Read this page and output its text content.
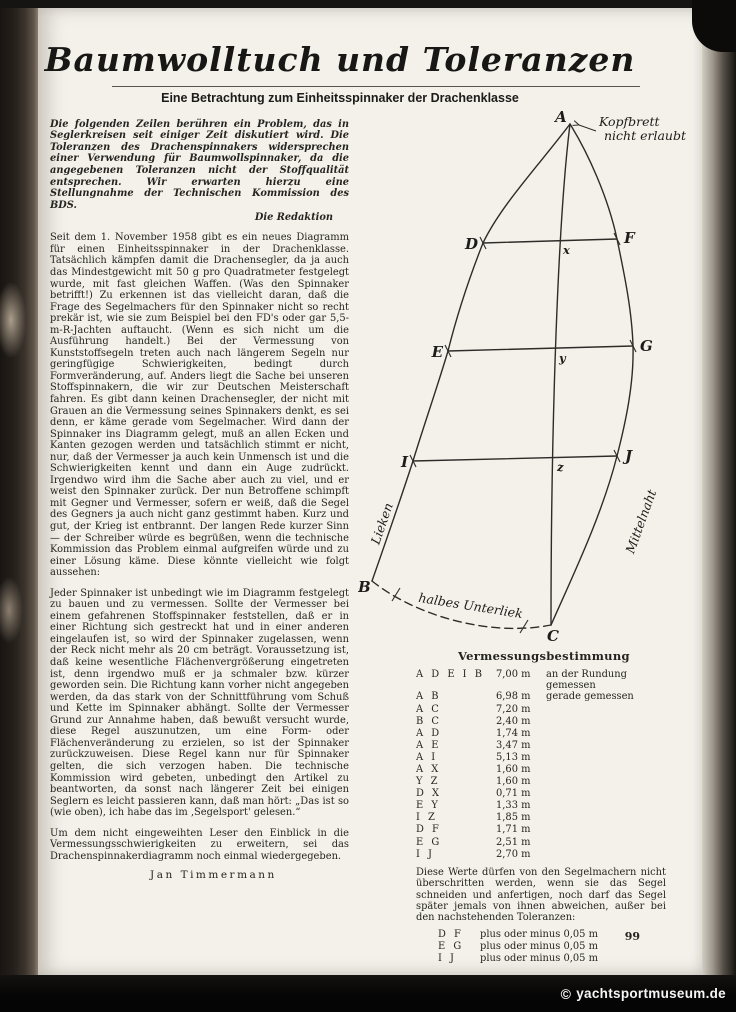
Baumwolltuch und Toleranzen
Eine Betrachtung zum Einheitsspinnaker der Drachenklasse
Die folgenden Zeilen berühren ein Problem, das in Seglerkreisen seit einiger Zeit diskutiert wird. Die Toleranzen des Drachenspinnakers widersprechen einer Verwendung für Baumwollspinnaker, da die angegebenen Toleranzen nicht der Stoffqualität entsprechen. Wir erwarten hierzu eine Stellungnahme der Technischen Kommission des BDS.
Die Redaktion
Seit dem 1. November 1958 gibt es ein neues Diagramm für einen Einheitsspinnaker in der Drachenklasse. Tatsächlich kämpfen damit die Drachensegler, da ja auch das Mindestgewicht mit 50 g pro Quadratmeter festgelegt wurde, mit fast gleichen Waffen. (Was den Spinnaker betrifft!) Zu erkennen ist das vielleicht daran, daß die Frage des Segelmachers für den Spinnaker nicht so recht prekär ist, wie sie zum Beispiel bei den FD's oder gar 5,5-m-R-Jachten auftaucht. (Wenn es sich nicht um die Ausführung handelt.) Bei der Vermessung von Kunststoffsegeln treten auch nach längerem Segeln nur geringfügige Schwierigkeiten, bedingt durch Formveränderung, auf. Anders liegt die Sache bei unseren Stoffspinnakern, die wir zur Deutschen Meisterschaft fahren. Es gibt dann keinen Drachensegler, der nicht mit Grauen an die Vermessung seines Spinnakers denkt, es sei denn, er käme gerade vom Segelmacher. Wird dann der Spinnaker ins Diagramm gelegt, muß an allen Ecken und Kanten gezogen werden und tatsächlich stimmt er nicht, nur, daß der Vermesser ja auch kein Unmensch ist und die Schwierigkeiten kennt und dann ein Auge zudrückt. Irgendwo wird ihm die Sache aber auch zu viel, und er weist den Spinnaker zurück. Der nun Betroffene schimpft mit Gegner und Vermesser, sofern er weiß, daß die Segel des Gegners ja auch nicht ganz gestimmt haben. Kurz und gut, der Krieg ist entbrannt. Der langen Rede kurzer Sinn — der Schreiber würde es begrüßen, wenn die technische Kommission das Problem einmal aufgreifen würde und zu einer Lösung käme. Diese könnte vielleicht wie folgt aussehen:
Jeder Spinnaker ist unbedingt wie im Diagramm festgelegt zu bauen und zu vermessen. Sollte der Vermesser bei einem gefahrenen Stoffspinnaker feststellen, daß er in einer Richtung sich gestreckt hat und in einer anderen eingelaufen ist, so wird der Spinnaker zugelassen, wenn der Reck nicht mehr als 20 cm beträgt. Voraussetzung ist, daß keine wesentliche Flächenvergrößerung eingetreten ist, denn irgendwo muß er ja schmaler bzw. kürzer geworden sein. Die Richtung kann vorher nicht angegeben werden, da das stark von der Schnittführung vom Schuß und Kette im Spinnaker abhängt. Sollte der Vermesser Grund zur Annahme haben, daß bewußt versucht wurde, diese Regel auszunutzen, um eine Form- oder Flächenveränderung zu erzielen, so ist der Spinnaker zurückzuweisen. Diese Regel kann nur für Spinnaker gelten, die sich verzogen haben. Die technische Kommission wird gebeten, unbedingt den Artikel zu beantworten, da sonst nach längerer Zeit bei einigen Seglern es leicht passieren kann, daß man hört: „Das ist so (wie oben), ich habe das im ‚Segelsport' gelesen.“
Um dem nicht eingeweihten Leser den Einblick in die Vermessungsschwierigkeiten zu erweitern, sei das Drachenspinnakerdiagramm noch einmal wiedergegeben.
Jan Timmermann
A
D
E
I
B
C
F
G
J
x
y
z
Kopfbrett
nicht erlaubt
Lieken	Mittelnaht
halbes Unterliek
Vermessungsbestimmung
A D E I B	7,00 m	an der Rundung gemessen
A B	6,98 m	gerade gemessen
A C	7,20 m
B C	2,40 m
A D	1,74 m
A E	3,47 m
A I	5,13 m
A X	1,60 m
Y Z	1,60 m
D X	0,71 m
E Y	1,33 m
I Z	1,85 m
D F	1,71 m
E G	2,51 m
I J	2,70 m
Diese Werte dürfen von den Segelmachern nicht überschritten werden, wenn sie das Segel schneiden und anfertigen, noch darf das Segel später jemals von ihnen abweichen, außer bei den nachstehenden Toleranzen:
D F	plus oder minus 0,05 m
E G	plus oder minus 0,05 m
I J	plus oder minus 0,05 m
99
© yachtsportmuseum.de
